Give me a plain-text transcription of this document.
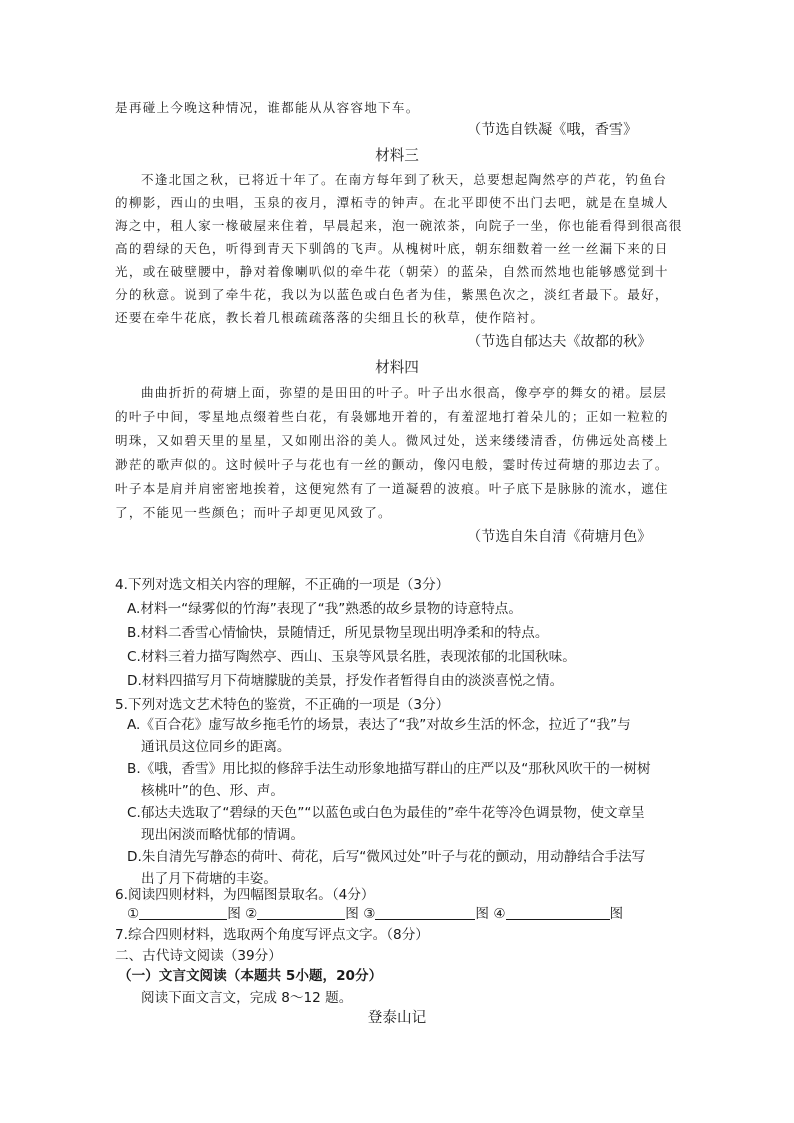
是再碰上今晚这种情况，谁都能从从容容地下车。
（节选自铁凝《哦，香雪》
材料三
不逢北国之秋，已将近十年了。在南方每年到了秋天，总要想起陶然亭的芦花，钓鱼台
的柳影，西山的虫唱，玉泉的夜月，潭柘寺的钟声。在北平即使不出门去吧，就是在皇城人
海之中，租人家一椽破屋来住着，早晨起来，泡一碗浓茶，向院子一坐，你也能看得到很高很
高的碧绿的天色，听得到青天下驯鸽的飞声。从槐树叶底，朝东细数着一丝一丝漏下来的日
光，或在破壁腰中，静对着像喇叭似的牵牛花（朝荣）的蓝朵，自然而然地也能够感觉到十
分的秋意。说到了牵牛花，我以为以蓝色或白色者为佳，紫黑色次之，淡红者最下。最好，
还要在牵牛花底，教长着几根疏疏落落的尖细且长的秋草，使作陪衬。
（节选自郁达夫《故都的秋》
材料四
曲曲折折的荷塘上面，弥望的是田田的叶子。叶子出水很高，像亭亭的舞女的裙。层层
的叶子中间，零星地点缀着些白花，有袅娜地开着的，有羞涩地打着朵儿的；正如一粒粒的
明珠，又如碧天里的星星，又如刚出浴的美人。微风过处，送来缕缕清香，仿佛远处高楼上
渺茫的歌声似的。这时候叶子与花也有一丝的颤动，像闪电般，霎时传过荷塘的那边去了。
叶子本是肩并肩密密地挨着，这便宛然有了一道凝碧的波痕。叶子底下是脉脉的流水，遮住
了，不能见一些颜色；而叶子却更见风致了。
（节选自朱自清《荷塘月色》
4.下列对选文相关内容的理解，不正确的一项是（3分）
A.材料一“绿雾似的竹海”表现了“我”熟悉的故乡景物的诗意特点。
B.材料二香雪心情愉快，景随情迁，所见景物呈现出明净柔和的特点。
C.材料三着力描写陶然亭、西山、玉泉等风景名胜，表现浓郁的北国秋味。
D.材料四描写月下荷塘朦胧的美景，抒发作者暂得自由的淡淡喜悦之情。
5.下列对选文艺术特色的鉴赏，不正确的一项是（3分）
A.《百合花》虚写故乡拖毛竹的场景，表达了“我”对故乡生活的怀念，拉近了“我”与
通讯员这位同乡的距离。
B.《哦，香雪》用比拟的修辞手法生动形象地描写群山的庄严以及“那秋风吹干的一树树
核桃叶”的色、形、声。
C.郁达夫选取了“碧绿的天色”“以蓝色或白色为最佳的”牵牛花等冷色调景物，使文章呈
现出闲淡而略忧郁的情调。
D.朱自清先写静态的荷叶、荷花，后写“微风过处”叶子与花的颤动，用动静结合手法写
出了月下荷塘的丰姿。
6.阅读四则材料，为四幅图景取名。（4分）
①	图 ②	图 ③	图 ④	图
7.综合四则材料，选取两个角度写评点文字。（8分）
二、古代诗文阅读（39分）
（一）文言文阅读（本题共 5小题，20分）
阅读下面文言文，完成 8～12 题。
登泰山记
